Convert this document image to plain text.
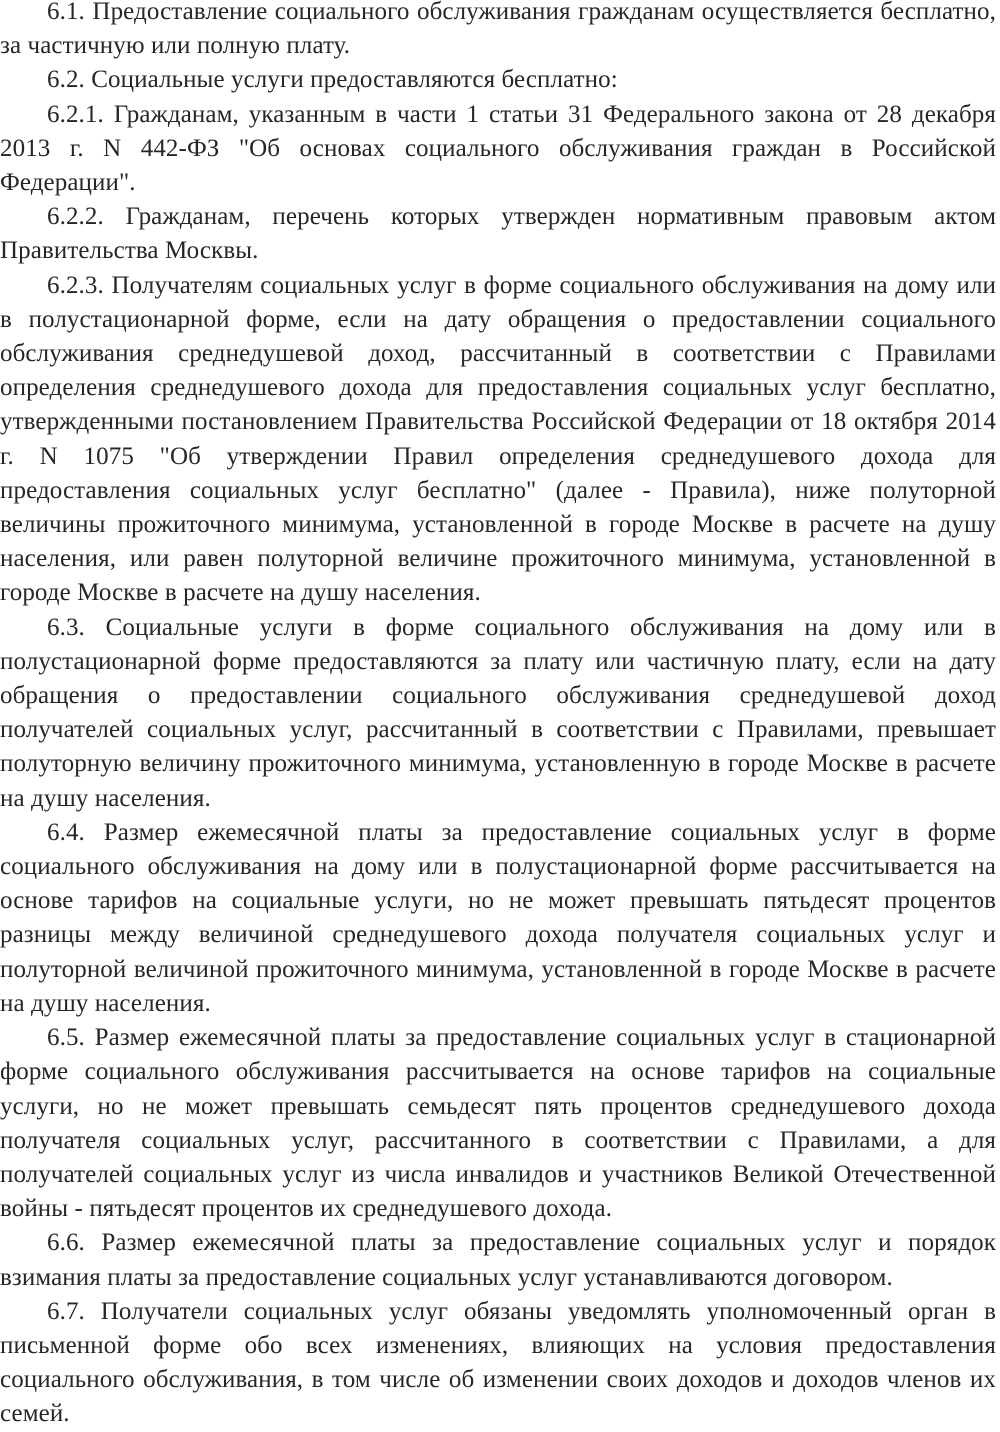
6.1. Предоставление социального обслуживания гражданам осуществляется бесплатно, за частичную или полную плату.

6.2. Социальные услуги предоставляются бесплатно:

6.2.1. Гражданам, указанным в части 1 статьи 31 Федерального закона от 28 декабря 2013 г. N 442-ФЗ "Об основах социального обслуживания граждан в Российской Федерации".

6.2.2. Гражданам, перечень которых утвержден нормативным правовым актом Правительства Москвы.

6.2.3. Получателям социальных услуг в форме социального обслуживания на дому или в полустационарной форме, если на дату обращения о предоставлении социального обслуживания среднедушевой доход, рассчитанный в соответствии с Правилами определения среднедушевого дохода для предоставления социальных услуг бесплатно, утвержденными постановлением Правительства Российской Федерации от 18 октября 2014 г. N 1075 "Об утверждении Правил определения среднедушевого дохода для предоставления социальных услуг бесплатно" (далее - Правила), ниже полуторной величины прожиточного минимума, установленной в городе Москве в расчете на душу населения, или равен полуторной величине прожиточного минимума, установленной в городе Москве в расчете на душу населения.

6.3. Социальные услуги в форме социального обслуживания на дому или в полустационарной форме предоставляются за плату или частичную плату, если на дату обращения о предоставлении социального обслуживания среднедушевой доход получателей социальных услуг, рассчитанный в соответствии с Правилами, превышает полуторную величину прожиточного минимума, установленную в городе Москве в расчете на душу населения.

6.4. Размер ежемесячной платы за предоставление социальных услуг в форме социального обслуживания на дому или в полустационарной форме рассчитывается на основе тарифов на социальные услуги, но не может превышать пятьдесят процентов разницы между величиной среднедушевого дохода получателя социальных услуг и полуторной величиной прожиточного минимума, установленной в городе Москве в расчете на душу населения.

6.5. Размер ежемесячной платы за предоставление социальных услуг в стационарной форме социального обслуживания рассчитывается на основе тарифов на социальные услуги, но не может превышать семьдесят пять процентов среднедушевого дохода получателя социальных услуг, рассчитанного в соответствии с Правилами, а для получателей социальных услуг из числа инвалидов и участников Великой Отечественной войны - пятьдесят процентов их среднедушевого дохода.

6.6. Размер ежемесячной платы за предоставление социальных услуг и порядок взимания платы за предоставление социальных услуг устанавливаются договором.

6.7. Получатели социальных услуг обязаны уведомлять уполномоченный орган в письменной форме обо всех изменениях, влияющих на условия предоставления социального обслуживания, в том числе об изменении своих доходов и доходов членов их семей.
